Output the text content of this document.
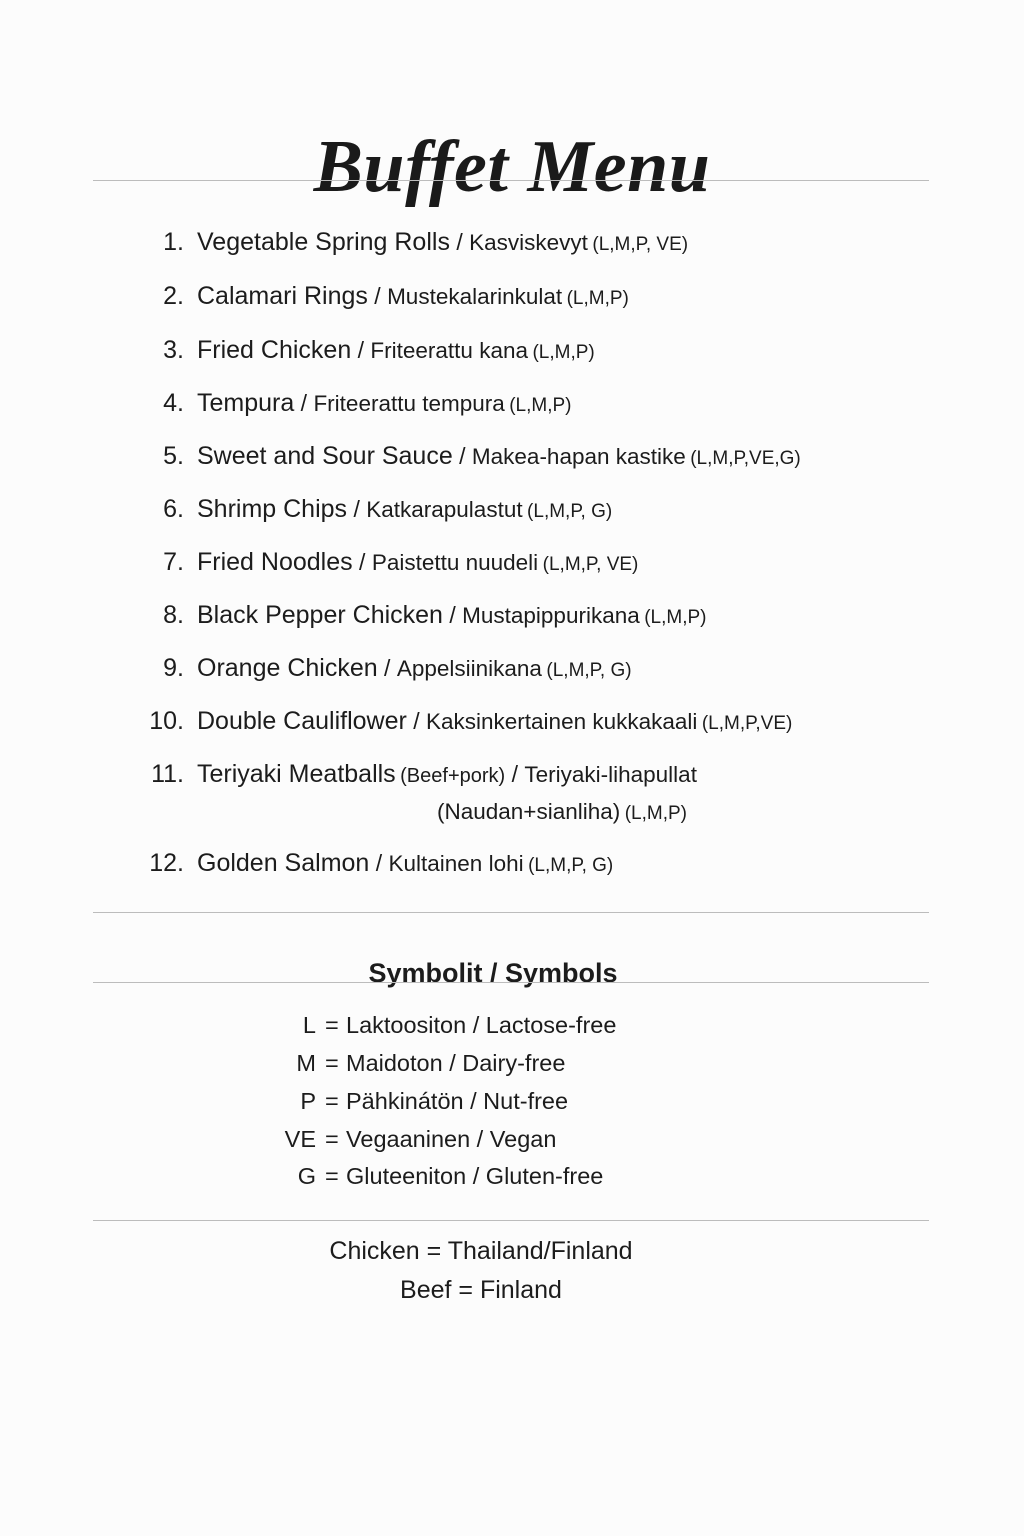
Buffet Menu
1. Vegetable Spring Rolls / Kasviskevyt (L,M,P, VE)
2. Calamari Rings / Mustekalarinkulat (L,M,P)
3. Fried Chicken / Friteerattu kana (L,M,P)
4. Tempura / Friteerattu tempura (L,M,P)
5. Sweet and Sour Sauce / Makea-hapan kastike (L,M,P,VE,G)
6. Shrimp Chips / Katkarapulastut (L,M,P, G)
7. Fried Noodles / Paistettu nuudeli (L,M,P, VE)
8. Black Pepper Chicken / Mustapippurikana (L,M,P)
9. Orange Chicken / Appelsiinikana (L,M,P, G)
10. Double Cauliflower / Kaksinkertainen kukkakaali (L,M,P,VE)
11. Teriyaki Meatballs (Beef+pork) / Teriyaki-lihapullat
(Naudan+sianliha) (L,M,P)
12. Golden Salmon / Kultainen lohi (L,M,P, G)
Symbolit / Symbols
L = Laktoositon / Lactose-free
M = Maidoton / Dairy-free
P = Pähkinátön / Nut-free
VE = Vegaaninen / Vegan
G = Gluteeniton / Gluten-free
Chicken = Thailand/Finland
Beef = Finland
